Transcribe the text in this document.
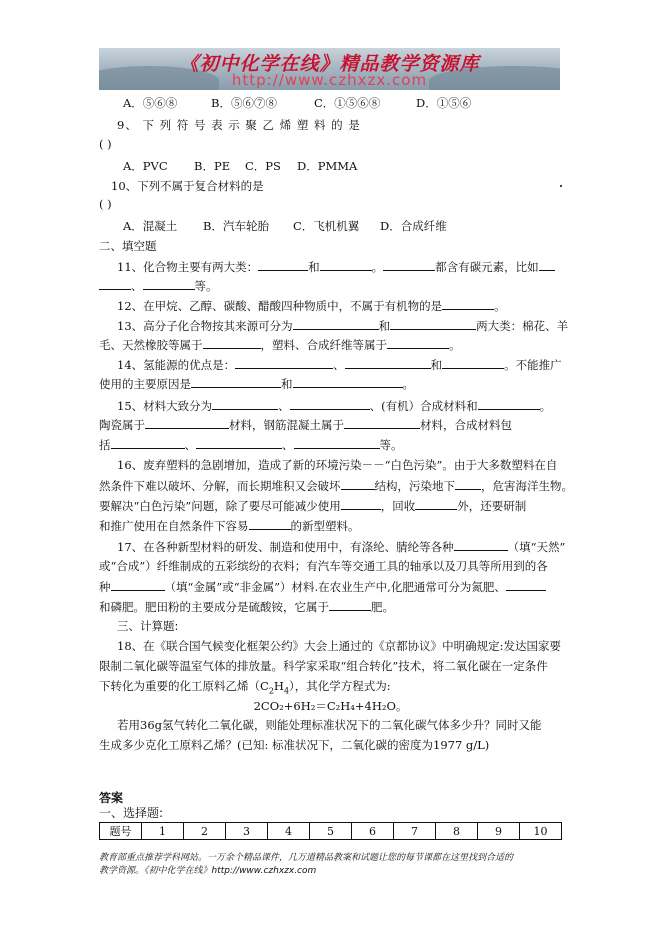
《初中化学在线》精品教学资源库
http://www.czhxzx.com
A．⑤⑥⑧	B．⑤⑥⑦⑧	C．①⑤⑥⑧	D．①⑤⑥
9、 下 列 符 号 表 示 聚 乙 烯 塑 料 的 是
( )
A．PVC B．PE C．PS D．PMMA
10、下列不属于复合材料的是
( )
A．混凝土 B．汽车轮胎 C．飞机机翼 D．合成纤维
二、填空题
11、化合物主要有两大类：	和	。	都含有碳元素，比如
、	等。
12、在甲烷、乙醇、碳酸、醋酸四种物质中，不属于有机物的是	。
13、高分子化合物按其来源可分为	和	两大类：棉花、羊
毛、天然橡胶等属于	，塑料、合成纤维等属于	。
14、氢能源的优点是：	、	和	。不能推广
使用的主要原因是	和	。
15、材料大致分为	、	、(有机）合成材料和	。
陶瓷属于	材料，钢筋混凝土属于	材料，合成材料包
括	、	、	等。
16、废弃塑料的急剧增加，造成了新的环境污染－－“白色污染”。由于大多数塑料在自
然条件下难以破坏、分解，而长期堆积又会破坏	结构，污染地下 ，危害海洋生物。
要解决“白色污染”问题，除了要尽可能减少使用	，回收	外，还要研制
和推广使用在自然条件下容易	的新型塑料。
17、在各种新型材料的研发、制造和使用中，有涤纶、腈纶等各种	（填“天然”
或“合成”）纤维制成的五彩缤纷的衣料；有汽车等交通工具的轴承以及刀具等所用到的各
种	（填“金属”或“非金属”）材料.在农业生产中,化肥通常可分为氮肥、
和磷肥。肥田粉的主要成分是硫酸铵，它属于	肥。
三、计算题:
18、在《联合国气候变化框架公约》大会上通过的《京都协议》中明确规定:发达国家要
限制二氧化碳等温室气体的排放量。科学家采取“组合转化”技术，将二氧化碳在一定条件
下转化为重要的化工原料乙烯$(C_2H_4)$，其化学方程式为:
2CO₂+6H₂＝C₂H₄+4H₂O。
若用36g氢气转化二氧化碳，则能处理标准状况下的二氧化碳气体多少升？同时又能
生成多少克化工原料乙烯？(已知: 标准状况下，二氧化碳的密度为1977 g/L)
答案
一、选择题:
题号	1	2	3	4	5	6	7	8	9	10
教育部重点推荐学科网站。一万余个精品课件，几万道精品教案和试题让您的每节课都在这里找到合适的
教学资源。《初中化学在线》http://www.czhxzx.com
